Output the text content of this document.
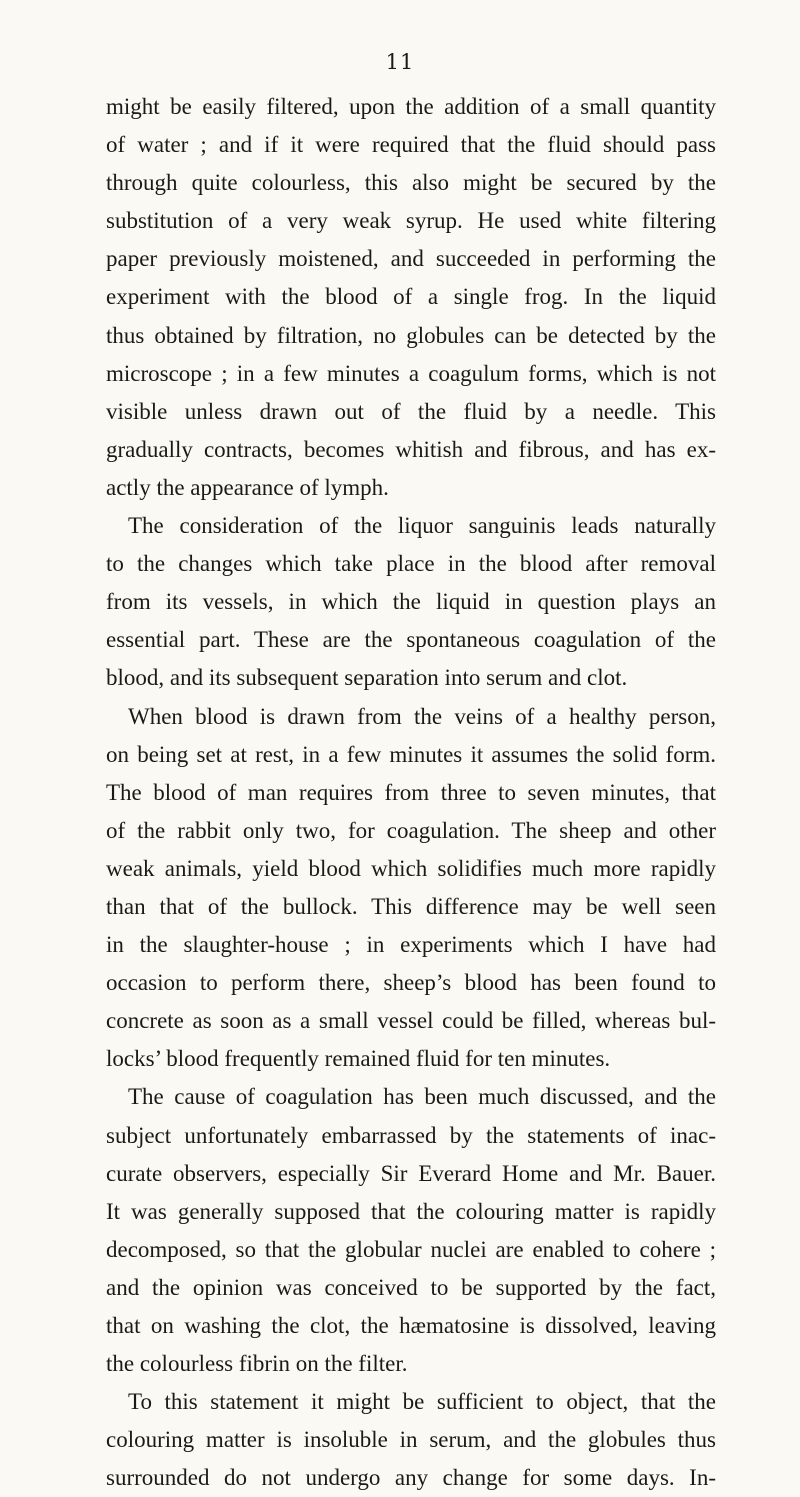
11
might be easily filtered, upon the addition of a small quantity
of water ; and if it were required that the fluid should pass
through quite colourless, this also might be secured by the
substitution of a very weak syrup. He used white filtering
paper previously moistened, and succeeded in performing the
experiment with the blood of a single frog. In the liquid
thus obtained by filtration, no globules can be detected by the
microscope ; in a few minutes a coagulum forms, which is not
visible unless drawn out of the fluid by a needle. This
gradually contracts, becomes whitish and fibrous, and has ex-
actly the appearance of lymph.
The consideration of the liquor sanguinis leads naturally
to the changes which take place in the blood after removal
from its vessels, in which the liquid in question plays an
essential part. These are the spontaneous coagulation of the
blood, and its subsequent separation into serum and clot.
When blood is drawn from the veins of a healthy person,
on being set at rest, in a few minutes it assumes the solid form.
The blood of man requires from three to seven minutes, that
of the rabbit only two, for coagulation. The sheep and other
weak animals, yield blood which solidifies much more rapidly
than that of the bullock. This difference may be well seen
in the slaughter-house ; in experiments which I have had
occasion to perform there, sheep’s blood has been found to
concrete as soon as a small vessel could be filled, whereas bul-
locks’ blood frequently remained fluid for ten minutes.
The cause of coagulation has been much discussed, and the
subject unfortunately embarrassed by the statements of inac-
curate observers, especially Sir Everard Home and Mr. Bauer.
It was generally supposed that the colouring matter is rapidly
decomposed, so that the globular nuclei are enabled to cohere ;
and the opinion was conceived to be supported by the fact,
that on washing the clot, the hæmatosine is dissolved, leaving
the colourless fibrin on the filter.
To this statement it might be sufficient to object, that the
colouring matter is insoluble in serum, and the globules thus
surrounded do not undergo any change for some days. In-
